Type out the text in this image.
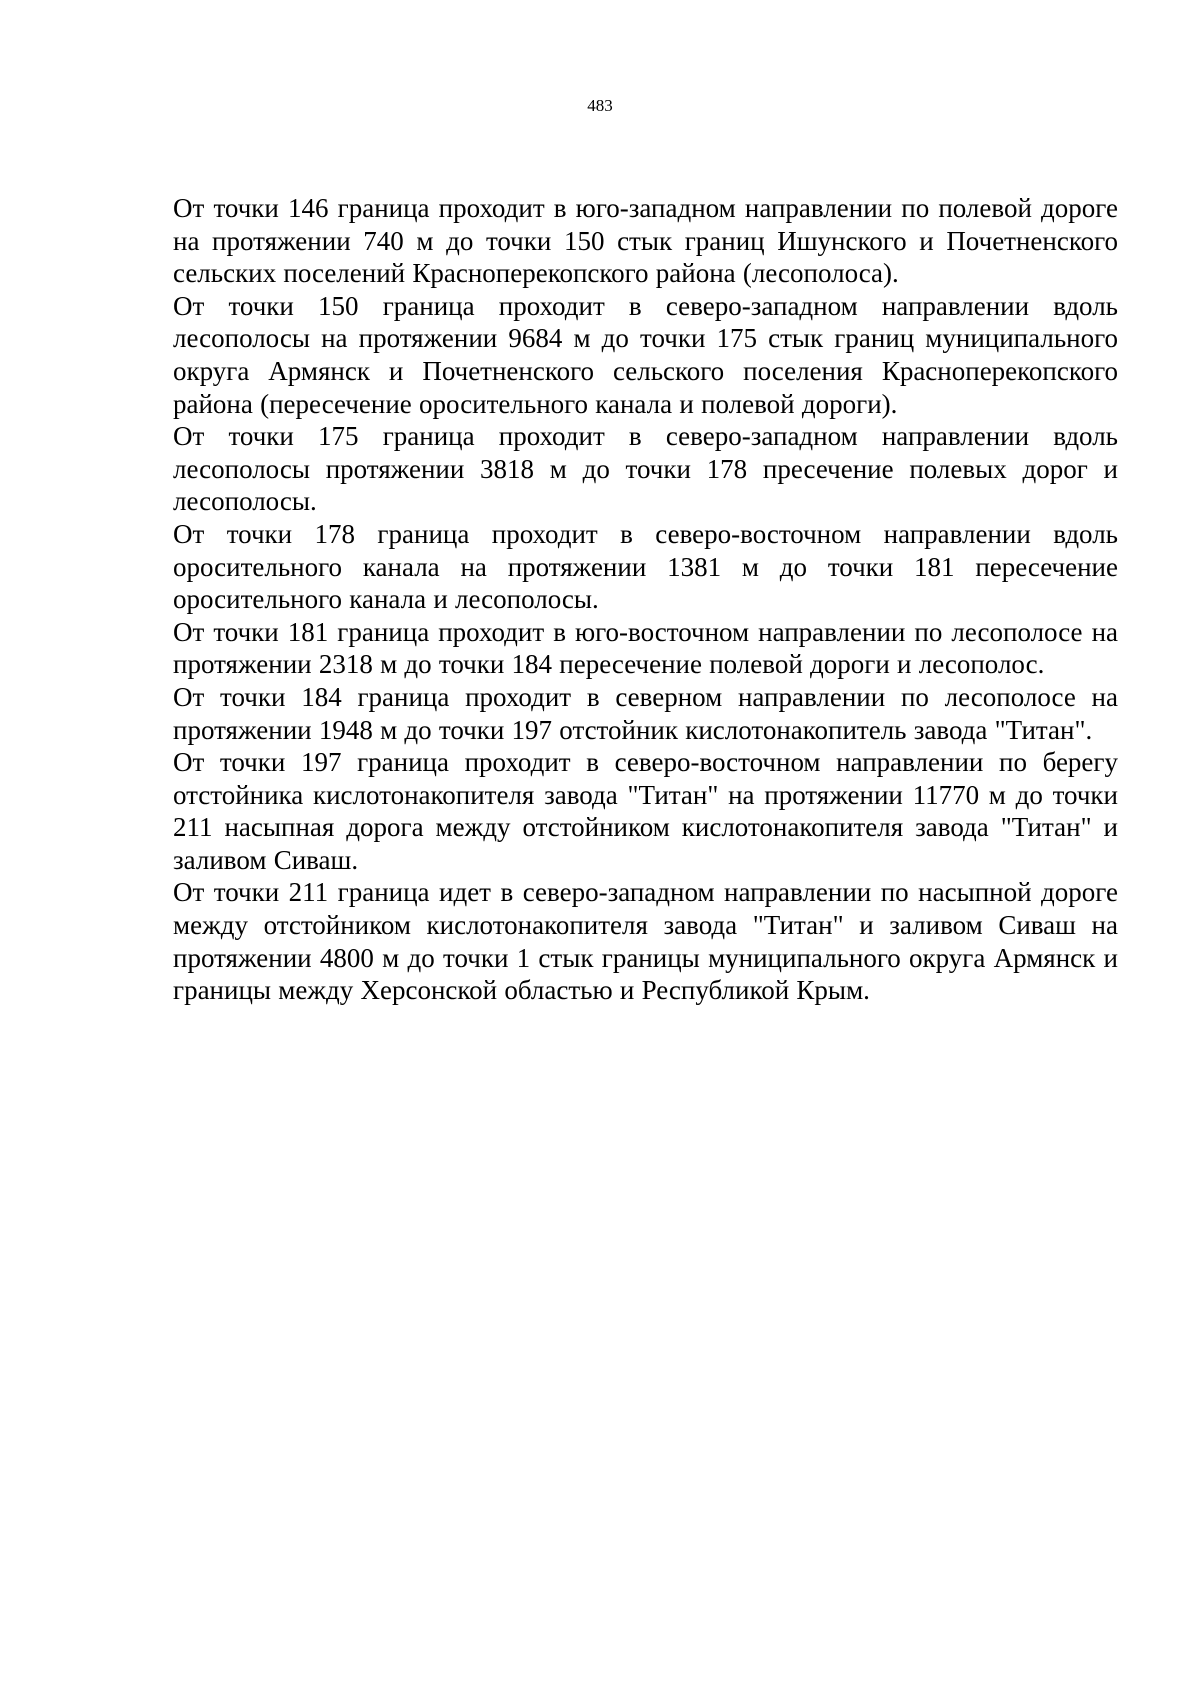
483

От точки 146 граница проходит в юго-западном направлении по полевой дороге на протяжении 740 м до точки 150 стык границ Ишунского и Почетненского сельских поселений Красноперекопского района (лесополоса).

От точки 150 граница проходит в северо-западном направлении вдоль лесополосы на протяжении 9684 м до точки 175 стык границ муниципального округа Армянск и Почетненского сельского поселения Красноперекопского района (пересечение оросительного канала и полевой дороги).

От точки 175 граница проходит в северо-западном направлении вдоль лесополосы протяжении 3818 м до точки 178 пресечение полевых дорог и лесополосы.

От точки 178 граница проходит в северо-восточном направлении вдоль оросительного канала на протяжении 1381 м до точки 181 пересечение оросительного канала и лесополосы.

От точки 181 граница проходит в юго-восточном направлении по лесополосе на протяжении 2318 м до точки 184 пересечение полевой дороги и лесополос.

От точки 184 граница проходит в северном направлении по лесополосе на протяжении 1948 м до точки 197 отстойник кислотонакопитель завода "Титан".

От точки 197 граница проходит в северо-восточном направлении по берегу отстойника кислотонакопителя завода "Титан" на протяжении 11770 м до точки 211 насыпная дорога между отстойником кислотонакопителя завода "Титан" и заливом Сиваш.

От точки 211 граница идет в северо-западном направлении по насыпной дороге между отстойником кислотонакопителя завода "Титан" и заливом Сиваш на протяжении 4800 м до точки 1 стык границы муниципального округа Армянск и границы между Херсонской областью и Республикой Крым.
